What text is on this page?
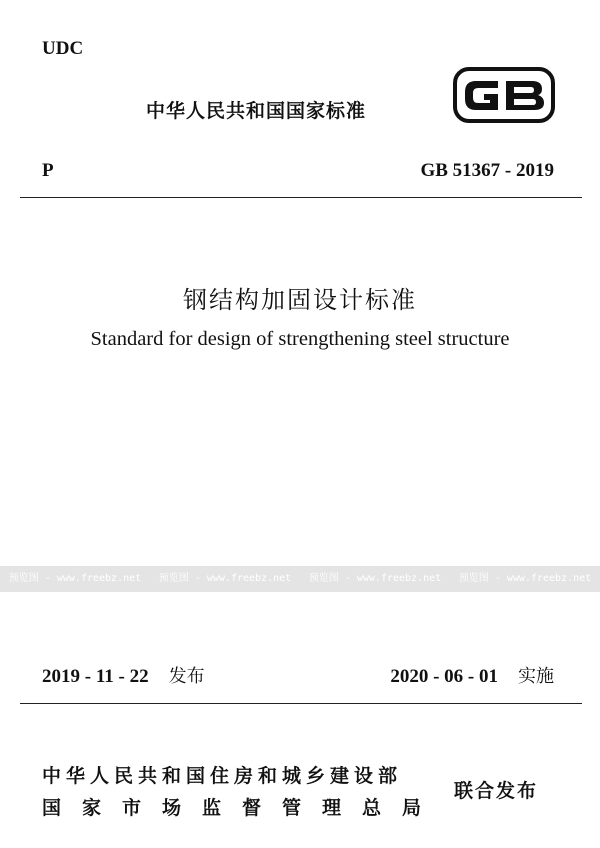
UDC
中华人民共和国国家标准
P	GB 51367 - 2019
钢结构加固设计标准
Standard for design of strengthening steel structure
预览图 - www.freebz.net 预览图 - www.freebz.net 预览图 - www.freebz.net 预览图 - www.freebz.net
2019 - 11 - 22 发布	2020 - 06 - 01 实施
中华人民共和国住房和城乡建设部
国家市场监督管理总局
联合发布
